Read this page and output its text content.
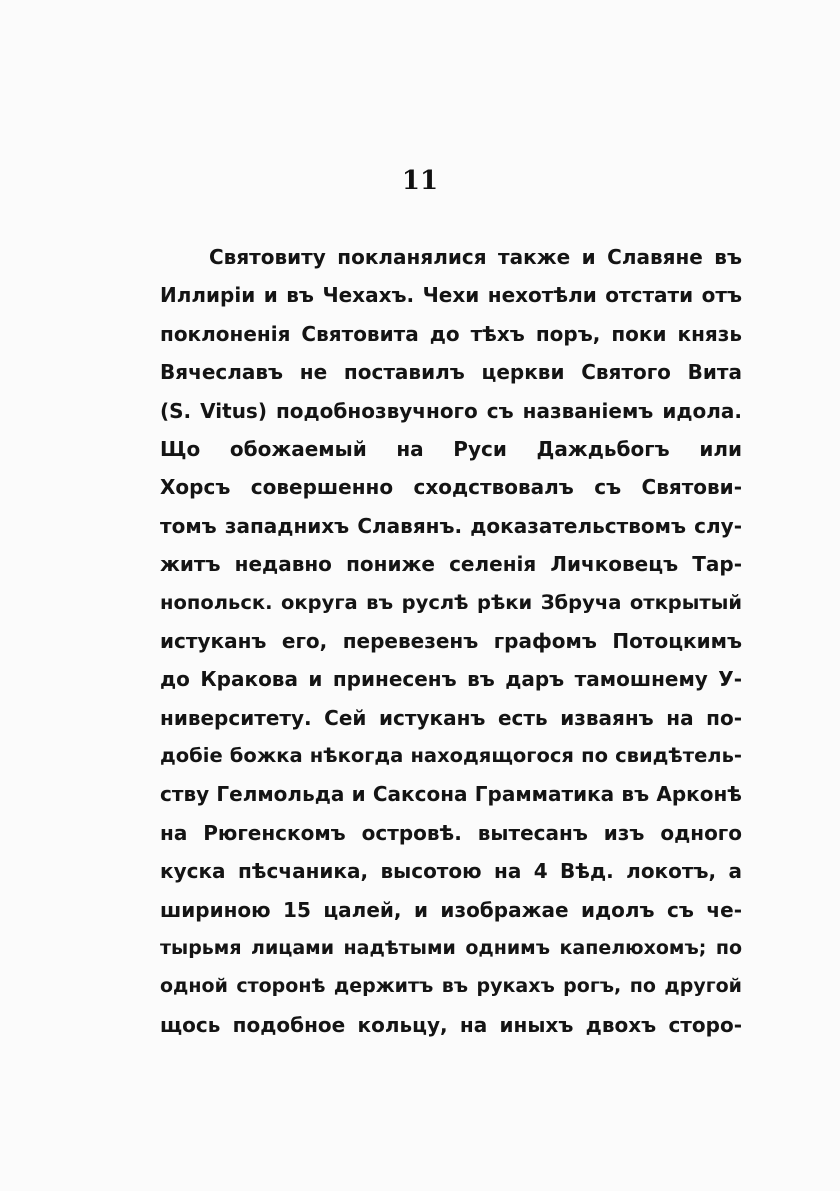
11
Святовиту покланялися также и Славяне въ
Иллиріи и въ Чехахъ. Чехи нехотѣли отстати отъ
поклоненія Святовита до тѣхъ поръ, поки князь
Вячеславъ не поставилъ церкви Святого Вита
(S. Vitus) подобнозвучного съ названіемъ идола.
Що обожаемый на Руси Даждьбогъ или
Хорсъ совершенно сходствовалъ съ Святови-
томъ западнихъ Славянъ. доказательствомъ слу-
житъ недавно пониже селенія Личковецъ Тар-
нопольск. округа въ руслѣ рѣки Збруча открытый
истуканъ его, перевезенъ графомъ Потоцкимъ
до Кракова и принесенъ въ даръ тамошнему У-
ниверситету. Сей истуканъ есть изваянъ на по-
добіе божка нѣкогда находящогося по свидѣтель-
ству Гелмольда и Саксона Грамматика въ Арконѣ
на Рюгенскомъ островѣ. вытесанъ изъ одного
куска пѣсчаника, высотою на 4 Вѣд. локотъ, а
шириною 15 цалей, и изображае идолъ съ че-
тырьмя лицами надѣтыми однимъ капелюхомъ; по
одной сторонѣ держитъ въ рукахъ рогъ, по другой
щось подобное кольцу, на иныхъ двохъ сторо-
